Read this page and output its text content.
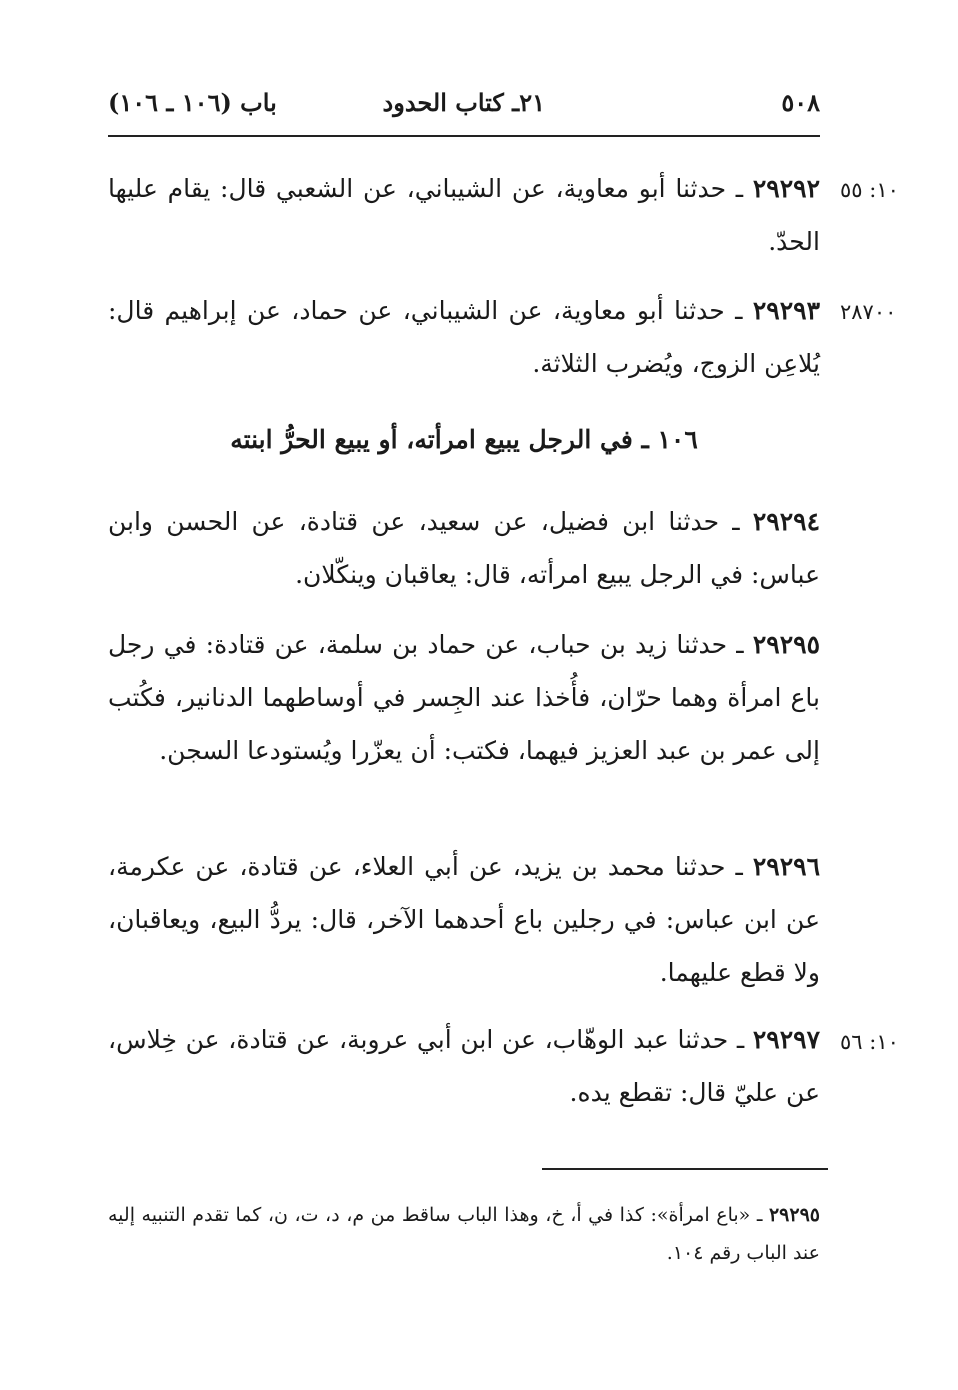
٥٠٨
٢١ـ كتاب الحدود
باب (١٠٦ ـ ١٠٦)
١٠: ٥٥
٢٩٢٩٢ ـ حدثنا أبو معاوية، عن الشيباني، عن الشعبي قال: يقام عليها الحدّ.
٢٨٧٠٠
٢٩٢٩٣ ـ حدثنا أبو معاوية، عن الشيباني، عن حماد، عن إبراهيم قال: يُلاعِن الزوج، ويُضرب الثلاثة.
١٠٦ ـ في الرجل يبيع امرأته، أو يبيع الحرُّ ابنته
٢٩٢٩٤ ـ حدثنا ابن فضيل، عن سعيد، عن قتادة، عن الحسن وابن عباس: في الرجل يبيع امرأته، قال: يعاقبان وينكّلان.
٢٩٢٩٥ ـ حدثنا زيد بن حباب، عن حماد بن سلمة، عن قتادة: في رجل باع امرأة وهما حرّان، فأُخذا عند الجِسر في أوساطهما الدنانير، فكُتب إلى عمر بن عبد العزيز فيهما، فكتب: أن يعزّرا ويُستودعا السجن.
٢٩٢٩٦ ـ حدثنا محمد بن يزيد، عن أبي العلاء، عن قتادة، عن عكرمة، عن ابن عباس: في رجلين باع أحدهما الآخر، قال: يردُّ البيع، ويعاقبان، ولا قطع عليهما.
١٠: ٥٦
٢٩٢٩٧ ـ حدثنا عبد الوهّاب، عن ابن أبي عروبة، عن قتادة، عن خِلاس، عن عليّ قال: تقطع يده.
٢٩٢٩٥ ـ «باع امرأة»: كذا في أ، خ، وهذا الباب ساقط من م، د، ت، ن، كما تقدم التنبيه إليه عند الباب رقم ١٠٤.
